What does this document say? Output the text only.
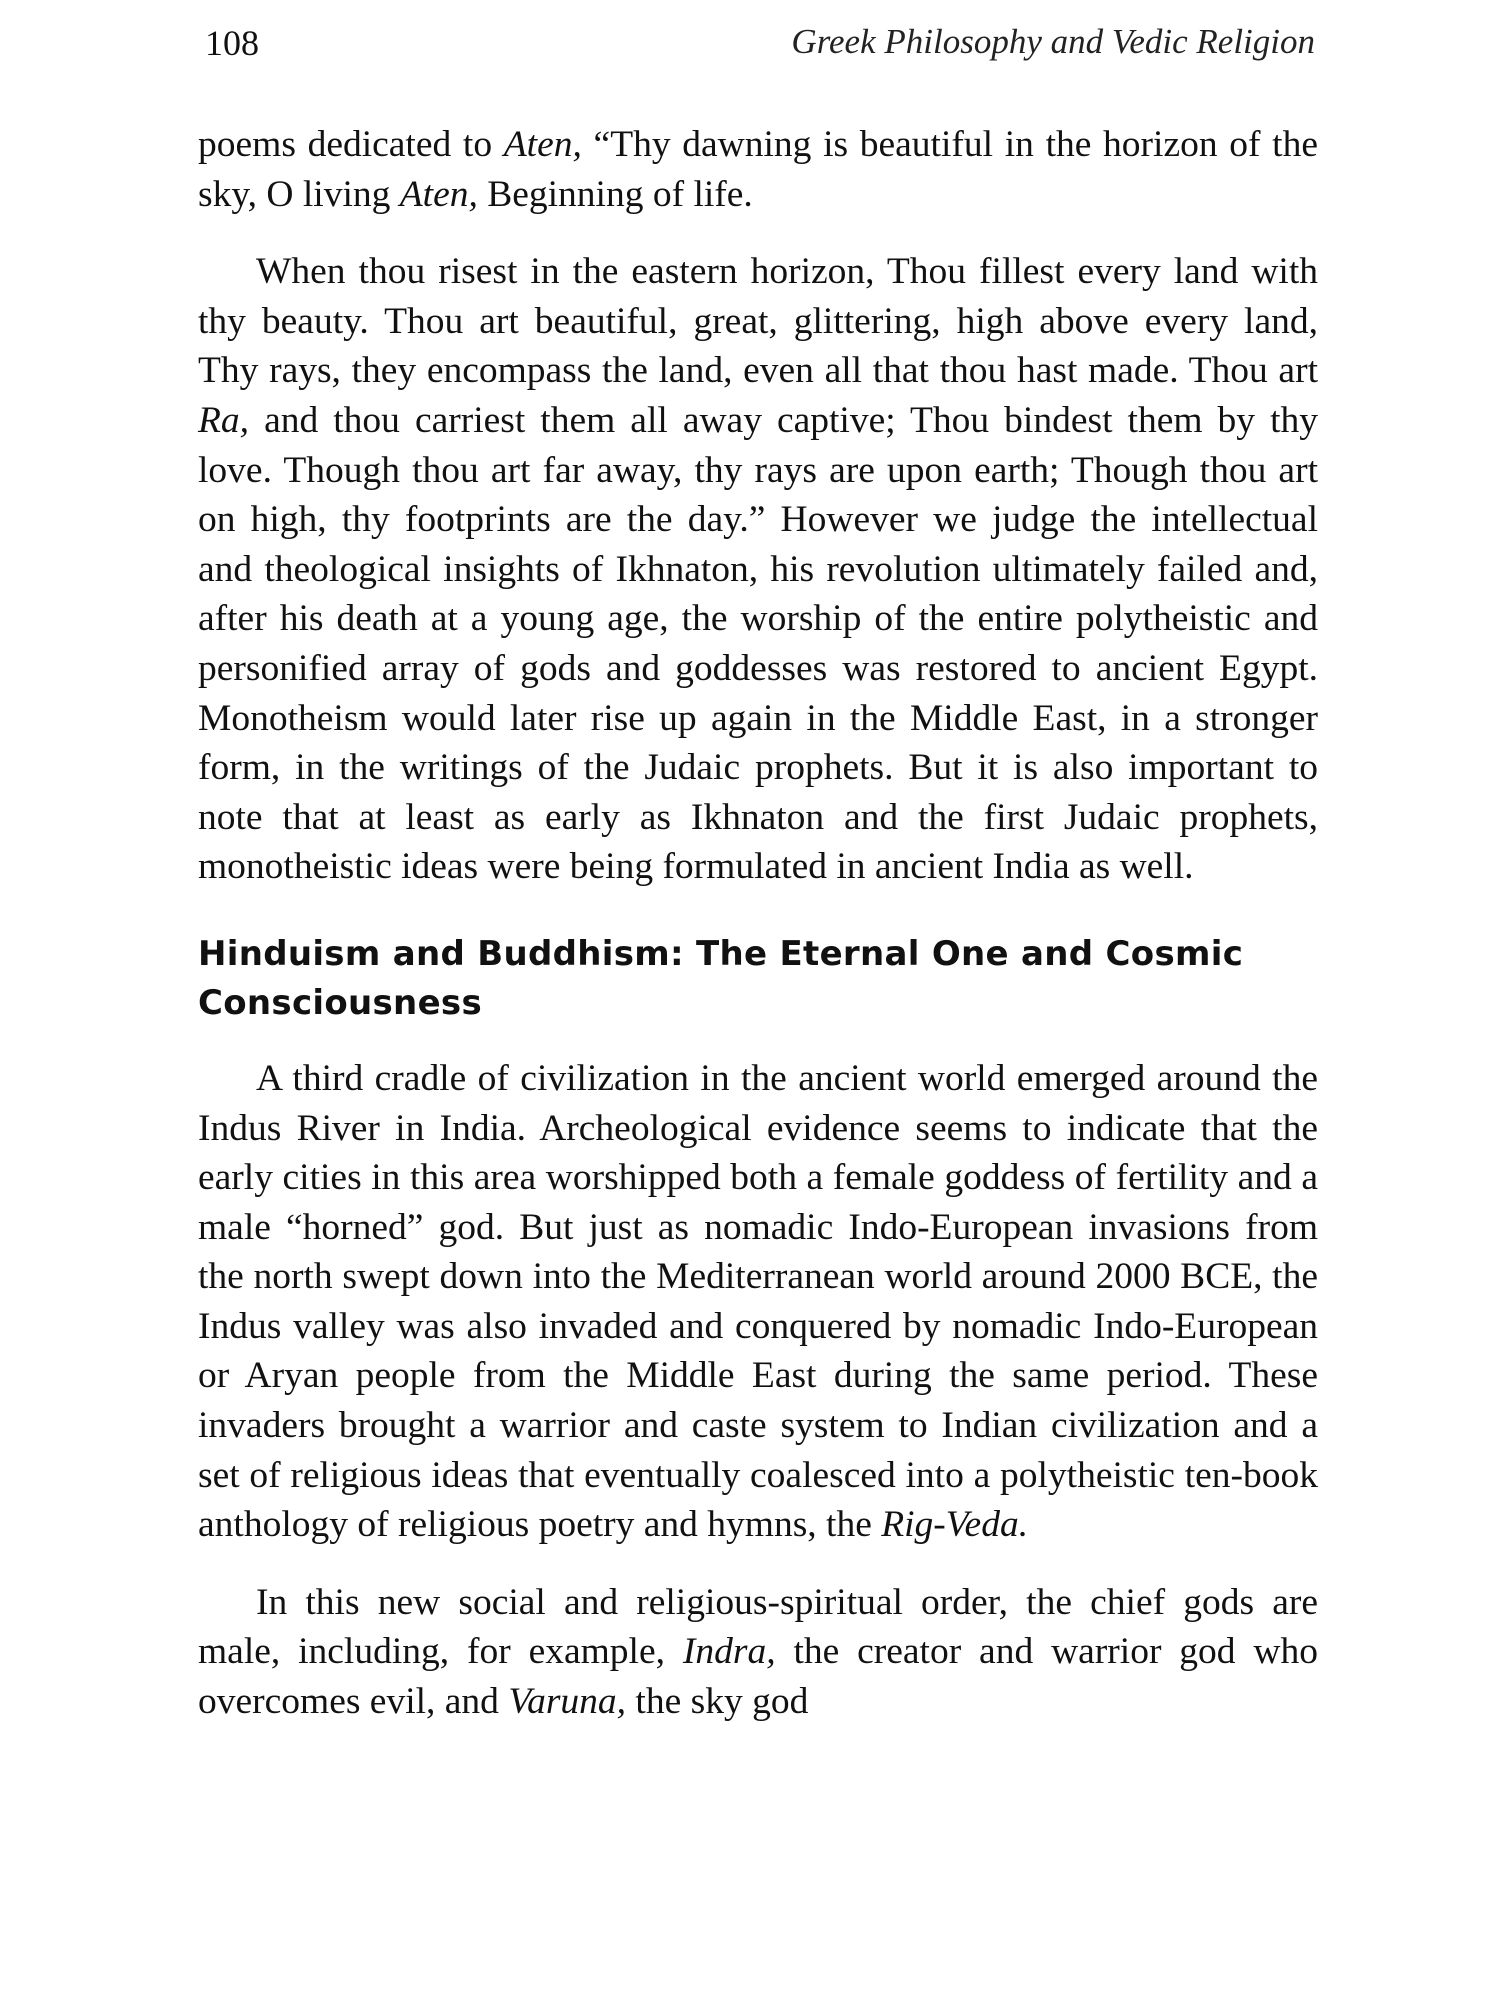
108	Greek Philosophy and Vedic Religion

poems dedicated to Aten, “Thy dawning is beautiful in the horizon of the sky, O living Aten, Beginning of life.

When thou risest in the eastern horizon, Thou fillest every land with thy beauty. Thou art beautiful, great, glittering, high above every land, Thy rays, they encompass the land, even all that thou hast made. Thou art Ra, and thou carriest them all away captive; Thou bindest them by thy love. Though thou art far away, thy rays are upon earth; Though thou art on high, thy footprints are the day.” However we judge the intellectual and theological insights of Ikhnaton, his revolution ultimately failed and, after his death at a young age, the worship of the entire polytheistic and personified array of gods and goddesses was restored to ancient Egypt. Monotheism would later rise up again in the Middle East, in a stronger form, in the writings of the Judaic prophets. But it is also important to note that at least as early as Ikhnaton and the first Judaic prophets, monotheistic ideas were being formulated in ancient India as well.

Hinduism and Buddhism: The Eternal One and Cosmic Consciousness

A third cradle of civilization in the ancient world emerged around the Indus River in India. Archeological evidence seems to indicate that the early cities in this area worshipped both a female goddess of fertility and a male “horned” god. But just as nomadic Indo-European invasions from the north swept down into the Mediterranean world around 2000 BCE, the Indus valley was also invaded and conquered by nomadic Indo-European or Aryan people from the Middle East during the same period. These invaders brought a warrior and caste system to Indian civilization and a set of religious ideas that eventually coalesced into a polytheistic ten-book anthology of religious poetry and hymns, the Rig-Veda.

In this new social and religious-spiritual order, the chief gods are male, including, for example, Indra, the creator and warrior god who overcomes evil, and Varuna, the sky god
